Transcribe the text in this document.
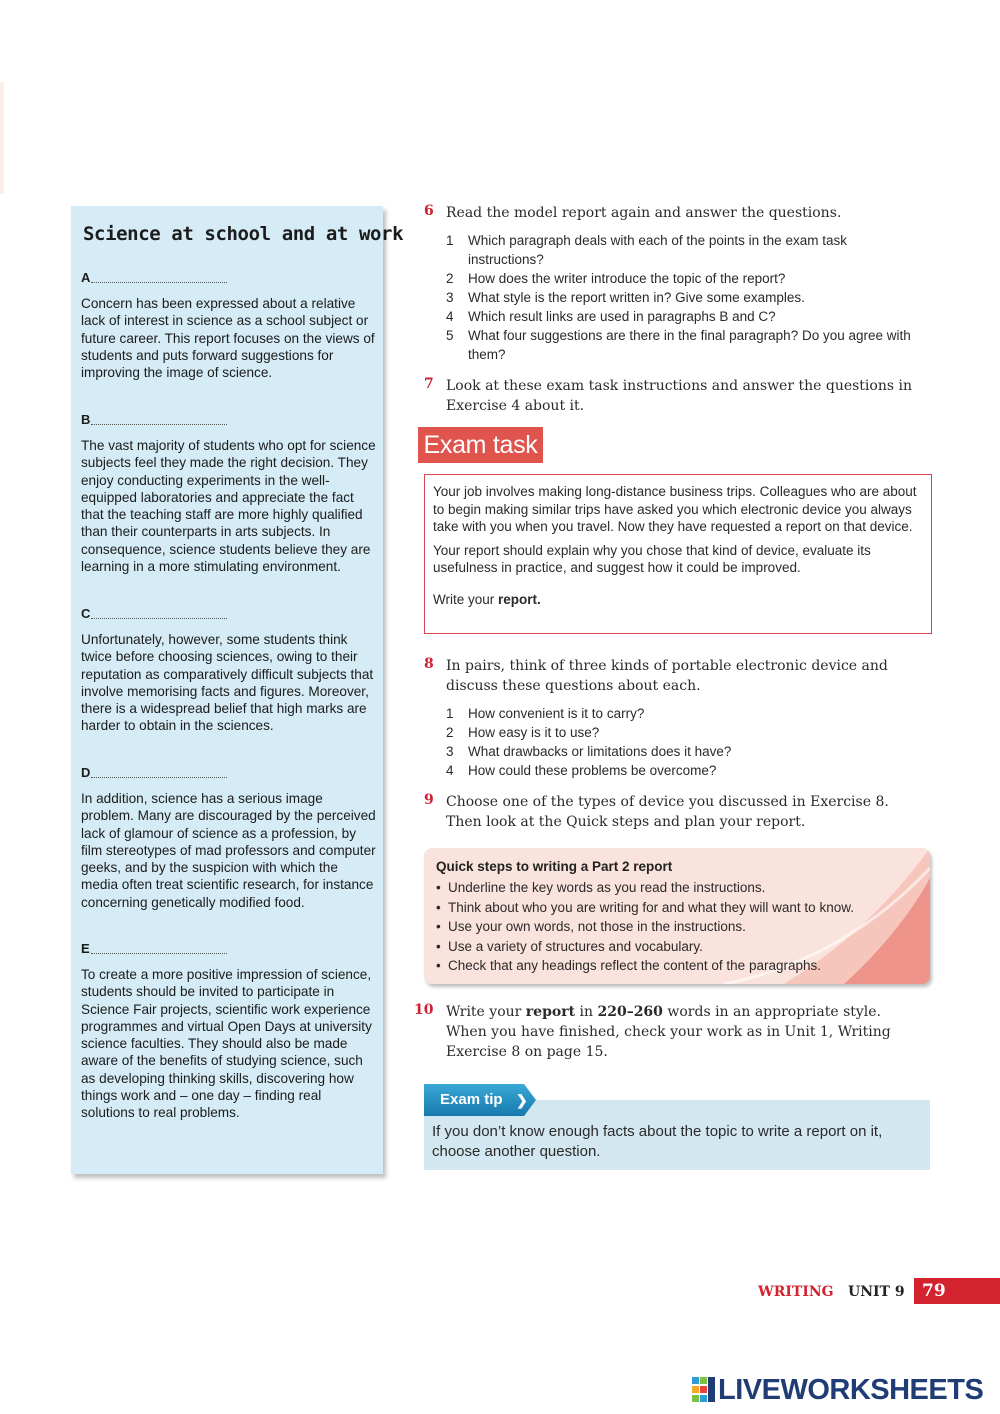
Science at school and at work
A

Concern has been expressed about a relative lack of interest in science as a school subject or future career. This report focuses on the views of students and puts forward suggestions for improving the image of science.

B

The vast majority of students who opt for science subjects feel they made the right decision. They enjoy conducting experiments in the well-equipped laboratories and appreciate the fact that the teaching staff are more highly qualified than their counterparts in arts subjects. In consequence, science students believe they are learning in a more stimulating environment.

C

Unfortunately, however, some students think twice before choosing sciences, owing to their reputation as comparatively difficult subjects that involve memorising facts and figures. Moreover, there is a widespread belief that high marks are harder to obtain in the sciences.

D

In addition, science has a serious image problem. Many are discouraged by the perceived lack of glamour of science as a profession, by film stereotypes of mad professors and computer geeks, and by the suspicion with which the media often treat scientific research, for instance concerning genetically modified food.

E

To create a more positive impression of science, students should be invited to participate in Science Fair projects, scientific work experience programmes and virtual Open Days at university science faculties. They should also be made aware of the benefits of studying science, such as developing thinking skills, discovering how things work and – one day – finding real solutions to real problems.

6 Read the model report again and answer the questions.

1	Which paragraph deals with each of the points in the exam task instructions?
2	How does the writer introduce the topic of the report?
3	What style is the report written in? Give some examples.
4	Which result links are used in paragraphs B and C?
5	What four suggestions are there in the final paragraph? Do you agree with them?
7 Look at these exam task instructions and answer the questions in Exercise 4 about it.

Exam task

Your job involves making long-distance business trips. Colleagues who are about to begin making similar trips have asked you which electronic device you always take with you when you travel. Now they have requested a report on that device.

Your report should explain why you chose that kind of device, evaluate its usefulness in practice, and suggest how it could be improved.

Write your report.

8 In pairs, think of three kinds of portable electronic device and discuss these questions about each.

1	How convenient is it to carry?
2	How easy is it to use?
3	What drawbacks or limitations does it have?
4	How could these problems be overcome?
9 Choose one of the types of device you discussed in Exercise 8. Then look at the Quick steps and plan your report.

Quick steps to writing a Part 2 report

• Underline the key words as you read the instructions.
• Think about who you are writing for and what they will want to know.
• Use your own words, not those in the instructions.
• Use a variety of structures and vocabulary.
• Check that any headings reflect the content of the paragraphs.
10 Write your report in 220–260 words in an appropriate style. When you have finished, check your work as in Unit 1, Writing Exercise 8 on page 15.

If you don’t know enough facts about the topic to write a report on it, choose another question.

Exam tip ❯
WRITING	UNIT 9	79
LIVEWORKSHEETS
